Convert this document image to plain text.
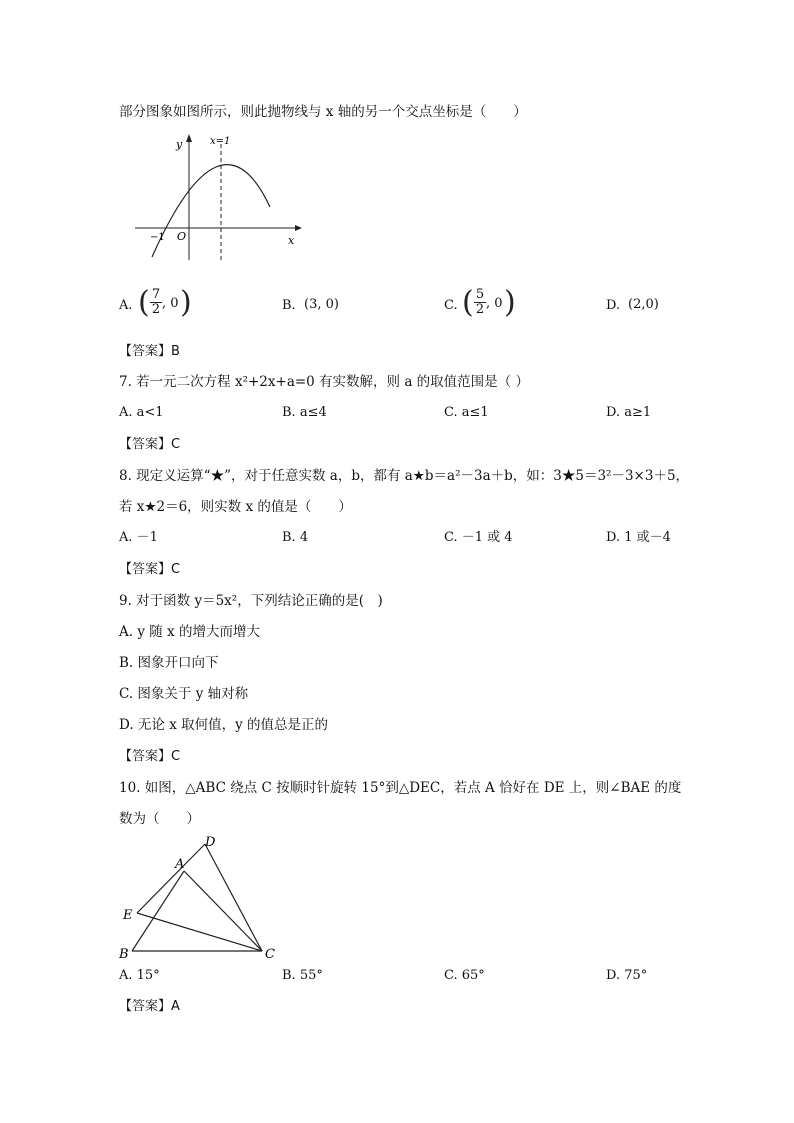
部分图象如图所示，则此抛物线与 x 轴的另一个交点坐标是（　　）
y
x
O
x=1
−1
A. ( $\frac{7}{2}$ , 0 )	B. (3, 0)	C. ( $\frac{5}{2}$ , 0 )	D. (2,0)
【答案】B
7. 若一元二次方程 x²+2x+a=0 有实数解，则 a 的取值范围是（ ）
A. a<1	B. a≤4	C. a≤1	D. a≥1
【答案】C
8. 现定义运算“★”，对于任意实数 a，b，都有 a★b＝a²－3a＋b，如：3★5＝3²－3×3＋5，
若 x★2＝6，则实数 x 的值是（　　）
A. －1	B. 4	C. －1 或 4	D. 1 或－4
【答案】C
9. 对于函数 y＝5x²，下列结论正确的是(　)
A. y 随 x 的增大而增大
B. 图象开口向下
C. 图象关于 y 轴对称
D. 无论 x 取何值，y 的值总是正的
【答案】C
10. 如图，△ABC 绕点 C 按顺时针旋转 15°到△DEC，若点 A 恰好在 DE 上，则∠BAE 的度
数为（　　）
D
A
E
B	C
A. 15°	B. 55°	C. 65°	D. 75°
【答案】A
